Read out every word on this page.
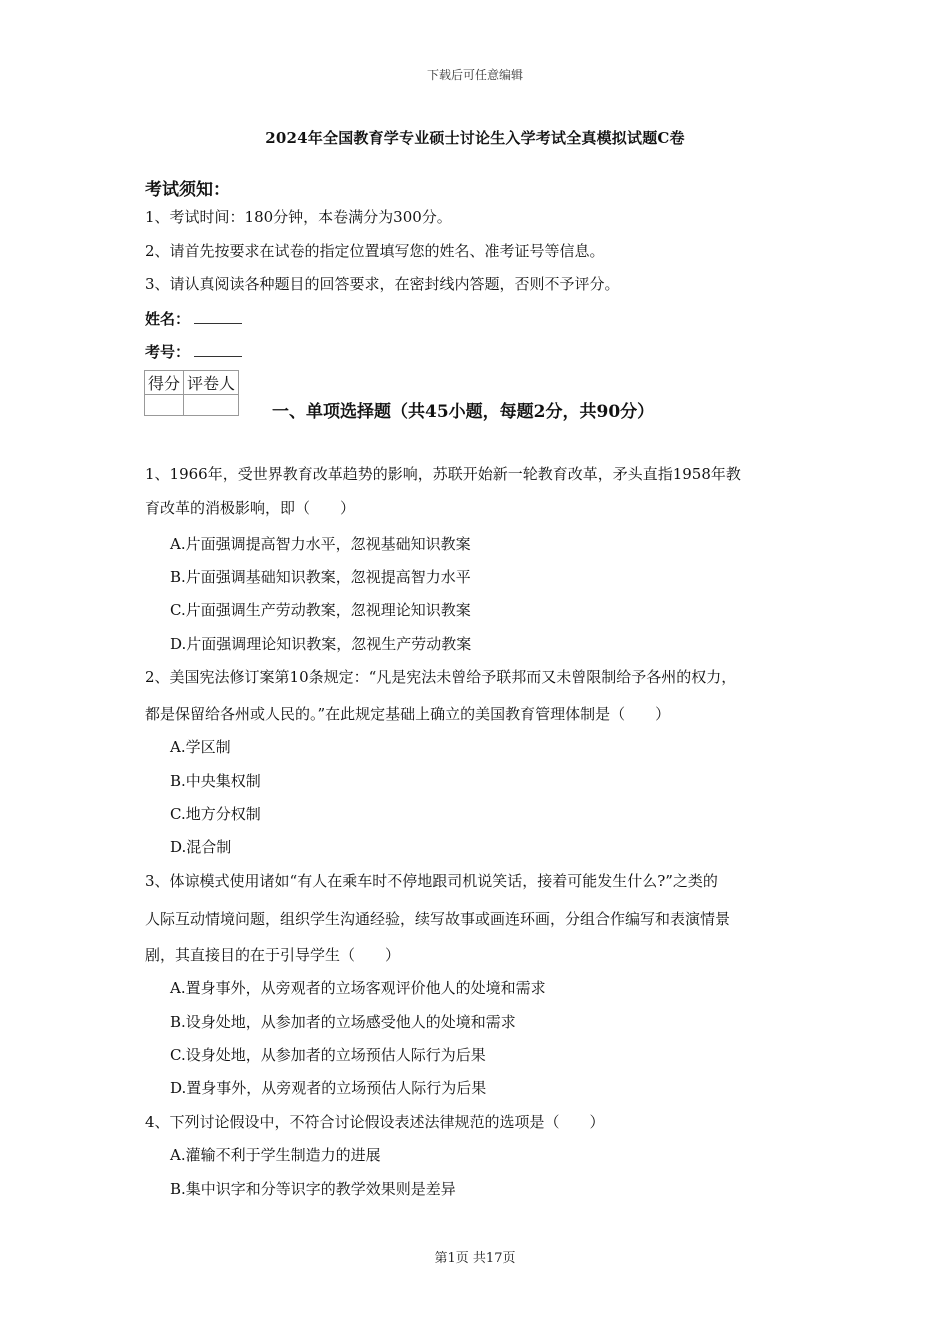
下载后可任意编辑
2024年全国教育学专业硕士讨论生入学考试全真模拟试题C卷
考试须知：
1、考试时间：180分钟，本卷满分为300分。
2、请首先按要求在试卷的指定位置填写您的姓名、准考证号等信息。
3、请认真阅读各种题目的回答要求，在密封线内答题，否则不予评分。
姓名：
考号：
得分	评卷人

一、单项选择题（共45小题，每题2分，共90分）
1、1966年，受世界教育改革趋势的影响，苏联开始新一轮教育改革，矛头直指1958年教
育改革的消极影响，即（　　）
A.片面强调提高智力水平，忽视基础知识教案
B.片面强调基础知识教案，忽视提高智力水平
C.片面强调生产劳动教案，忽视理论知识教案
D.片面强调理论知识教案，忽视生产劳动教案
2、美国宪法修订案第10条规定：“凡是宪法未曾给予联邦而又未曾限制给予各州的权力，
都是保留给各州或人民的。”在此规定基础上确立的美国教育管理体制是（　　）
A.学区制
B.中央集权制
C.地方分权制
D.混合制
3、体谅模式使用诸如“有人在乘车时不停地跟司机说笑话，接着可能发生什么?”之类的
人际互动情境问题，组织学生沟通经验，续写故事或画连环画，分组合作编写和表演情景
剧，其直接目的在于引导学生（　　）
A.置身事外，从旁观者的立场客观评价他人的处境和需求
B.设身处地，从参加者的立场感受他人的处境和需求
C.设身处地，从参加者的立场预估人际行为后果
D.置身事外，从旁观者的立场预估人际行为后果
4、下列讨论假设中，不符合讨论假设表述法律规范的选项是（　　）
A.灌输不利于学生制造力的进展
B.集中识字和分等识字的教学效果则是差异
第1页 共17页
